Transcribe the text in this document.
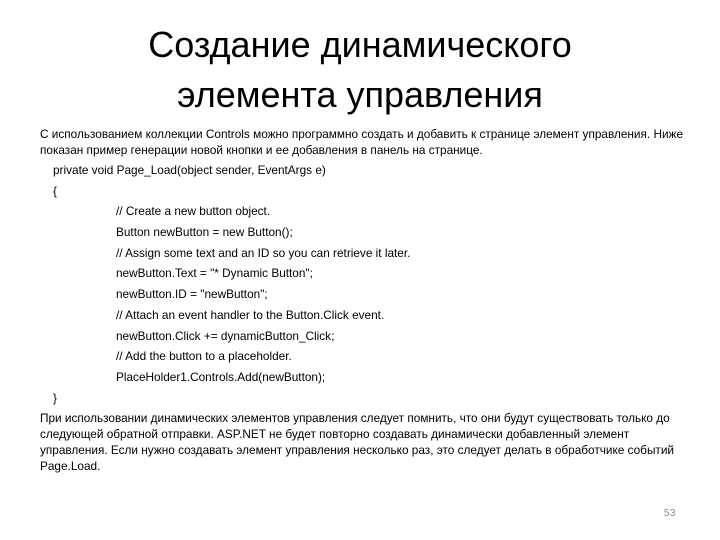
Создание динамического
элемента управления

С использованием коллекции Controls можно программно создать и добавить к странице элемент управления. Ниже показан пример генерации новой кнопки и ее добавления в панель на странице.

private void Page_Load(object sender, EventArgs e)
{
// Create a new button object.
Button newButton = new Button();
// Assign some text and an ID so you can retrieve it later.
newButton.Text = "* Dynamic Button";
newButton.ID = "newButton";
// Attach an event handler to the Button.Click event.
newButton.Click += dynamicButton_Click;
// Add the button to a placeholder.
PlaceHolder1.Controls.Add(newButton);
}

При использовании динамических элементов управления следует помнить, что они будут существовать только до следующей обратной отправки. ASP.NET не будет повторно создавать динамически добавленный элемент управления. Если нужно создавать элемент управления несколько раз, это следует делать в обработчике событий Page.Load.

53
